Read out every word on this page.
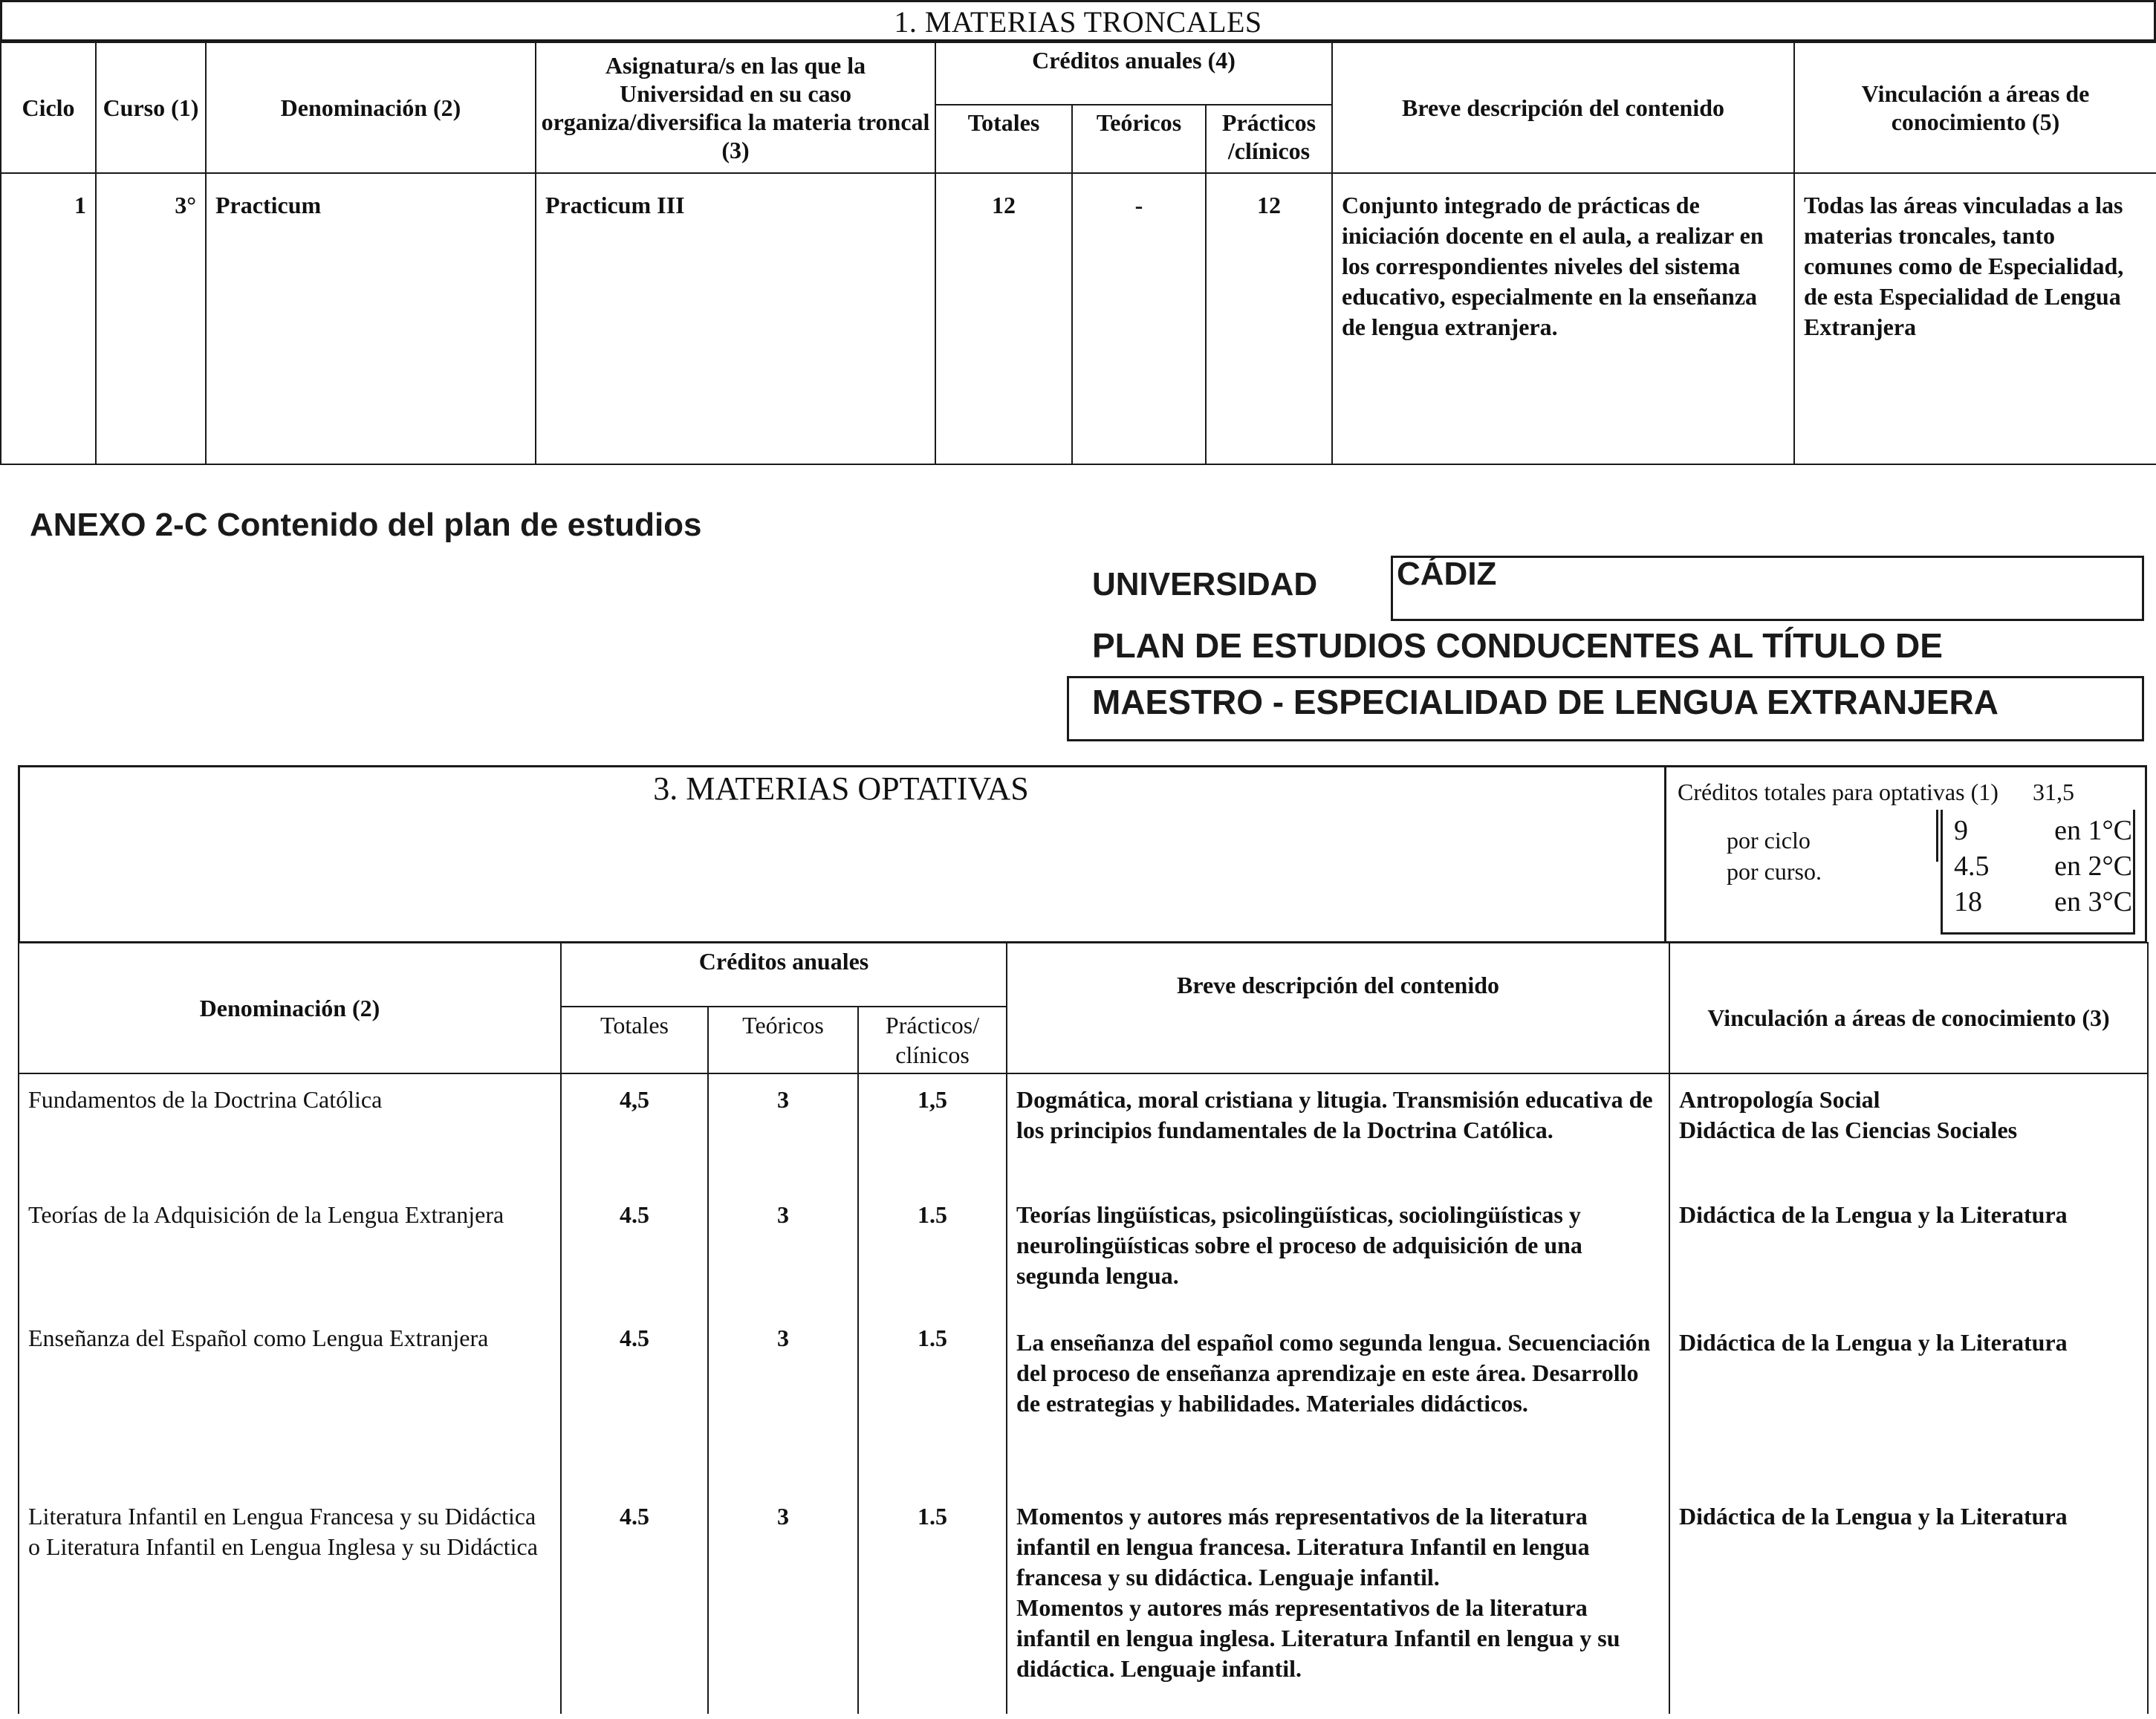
1. MATERIAS TRONCALES
Ciclo	Curso (1)	Denominación (2)	Asignatura/s en las que la Universidad en su caso organiza/diversifica la materia troncal (3)	Créditos anuales (4)			Breve descripción del contenido	Vinculación a áreas de conocimiento (5)
				Totales	Teóricos	Prácticos /clínicos		
1	3°	Practicum	Practicum III	12	-	12	Conjunto integrado de prácticas de iniciación docente en el aula, a realizar en los correspondientes niveles del sistema educativo, especialmente en la enseñanza de lengua extranjera.	Todas las áreas vinculadas a las materias troncales, tanto comunes como de Especialidad, de esta Especialidad de Lengua Extranjera
ANEXO 2-C Contenido del plan de estudios
UNIVERSIDAD CÁDIZ
PLAN DE ESTUDIOS CONDUCENTES AL TÍTULO DE
MAESTRO - ESPECIALIDAD DE LENGUA EXTRANJERA
3. MATERIAS OPTATIVAS	Créditos totales para optativas (1) 31,5
por ciclo
por curso.
9	en 1°C
4.5 en 2°C
18	en 3°C
Denominación (2)	Créditos anuales			Breve descripción del contenido	Vinculación a áreas de conocimiento (3)
	Totales	Teóricos	Prácticos/ clínicos		
Fundamentos de la Doctrina Católica	4,5	3	1,5	Dogmática, moral cristiana y litugia. Transmisión educativa de los principios fundamentales de la Doctrina Católica.	Antropología Social
Didáctica de las Ciencias Sociales
Teorías de la Adquisición de la Lengua Extranjera	4.5	3	1.5	Teorías lingüísticas, psicolingüísticas, sociolingüísticas y neurolingüísticas sobre el proceso de adquisición de una segunda lengua.	Didáctica de la Lengua y la Literatura
Enseñanza del Español como Lengua Extranjera	4.5	3	1.5	La enseñanza del español como segunda lengua. Secuenciación del proceso de enseñanza aprendizaje en este área. Desarrollo de estrategias y habilidades. Materiales didácticos.	Didáctica de la Lengua y la Literatura
Literatura Infantil en Lengua Francesa y su Didáctica o Literatura Infantil en Lengua Inglesa y su Didáctica	4.5	3	1.5	Momentos y autores más representativos de la literatura infantil en lengua francesa. Literatura Infantil en lengua francesa y su didáctica. Lenguaje infantil.
Momentos y autores más representativos de la literatura infantil en lengua inglesa. Literatura Infantil en lengua y su didáctica. Lenguaje infantil.	Didáctica de la Lengua y la Literatura
